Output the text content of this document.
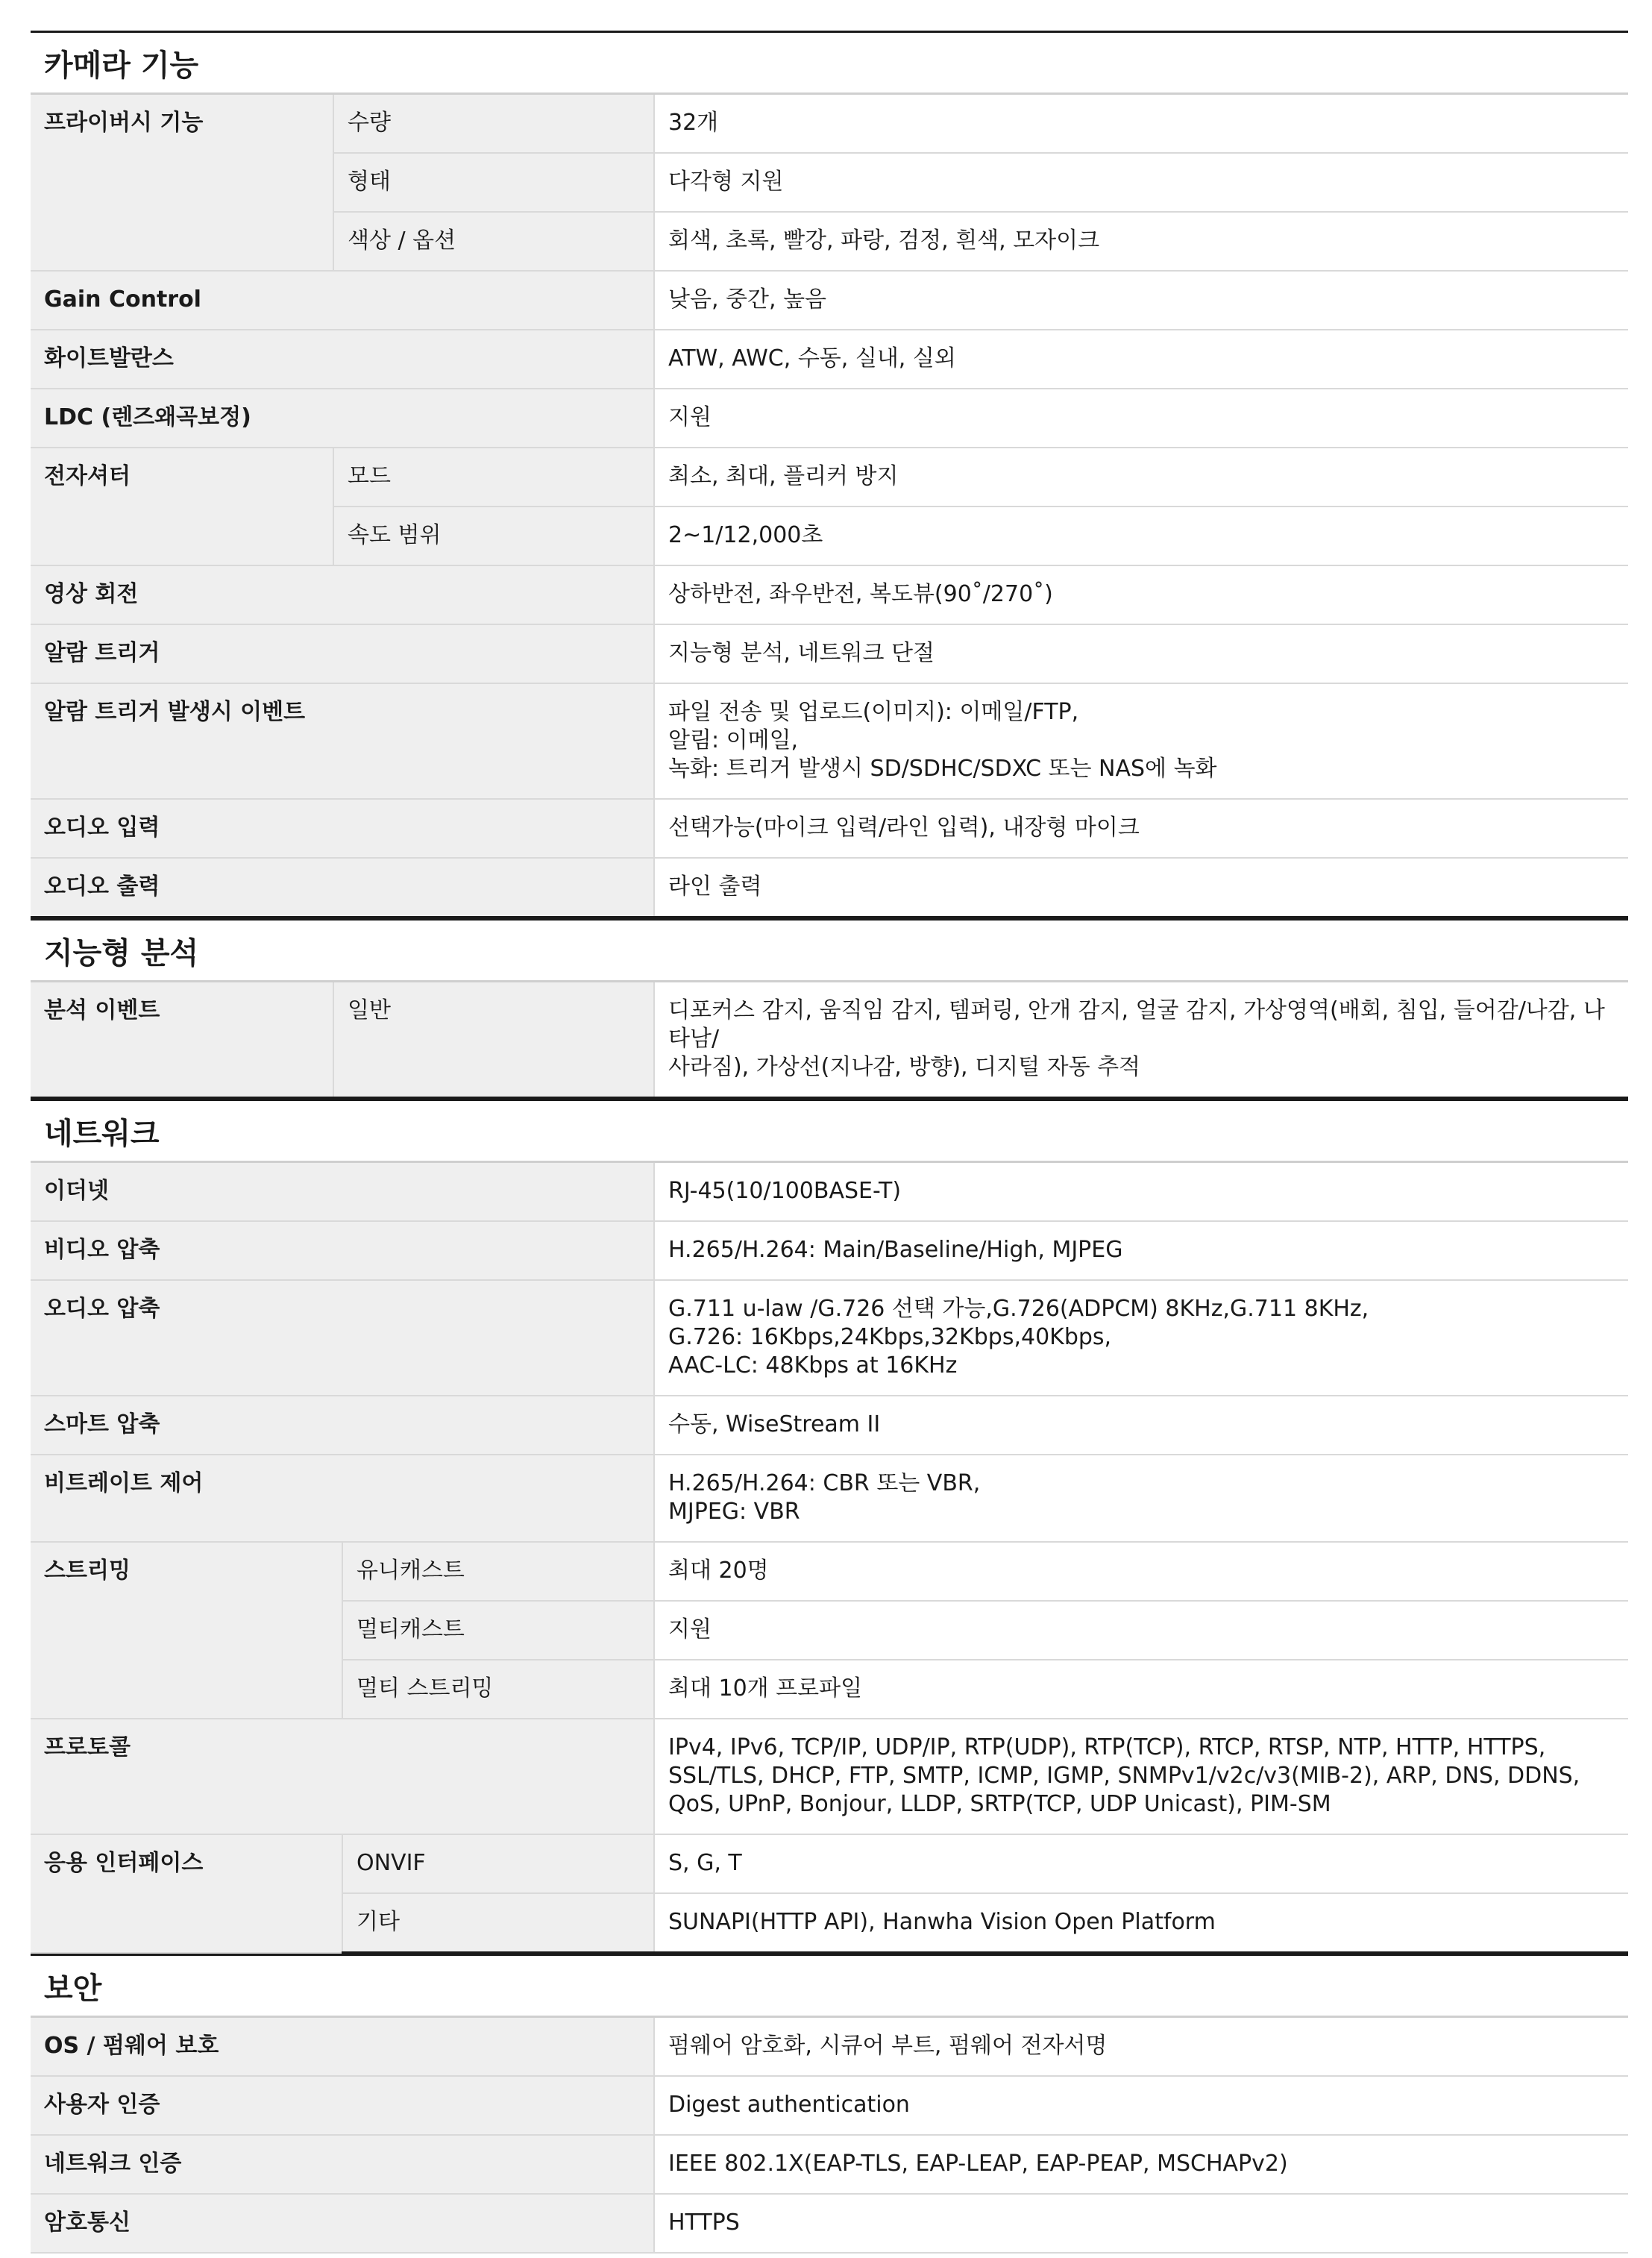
카메라 기능
프라이버시 기능	수량	32개
	형태	다각형 지원
	색상 / 옵션	회색, 초록, 빨강, 파랑, 검정, 흰색, 모자이크
Gain Control		낮음, 중간, 높음
화이트발란스		ATW, AWC, 수동, 실내, 실외
LDC (렌즈왜곡보정)		지원
전자셔터	모드	최소, 최대, 플리커 방지
	속도 범위	2~1/12,000초
영상 회전		상하반전, 좌우반전, 복도뷰(90˚/270˚)
알람 트리거		지능형 분석, 네트워크 단절
알람 트리거 발생시 이벤트		파일 전송 및 업로드(이미지): 이메일/FTP,
알림: 이메일,
녹화: 트리거 발생시 SD/SDHC/SDXC 또는 NAS에 녹화
오디오 입력		선택가능(마이크 입력/라인 입력), 내장형 마이크
오디오 출력		라인 출력
지능형 분석
분석 이벤트	일반	디포커스 감지, 움직임 감지, 템퍼링, 안개 감지, 얼굴 감지, 가상영역(배회, 침입, 들어감/나감, 나타남/
사라짐), 가상선(지나감, 방향), 디지털 자동 추적
네트워크
이더넷		RJ-45(10/100BASE-T)
비디오 압축		H.265/H.264: Main/Baseline/High, MJPEG
오디오 압축		G.711 u-law /G.726 선택 가능,G.726(ADPCM) 8KHz,G.711 8KHz,
G.726: 16Kbps,24Kbps,32Kbps,40Kbps,
AAC-LC: 48Kbps at 16KHz
스마트 압축		수동, WiseStream II
비트레이트 제어		H.265/H.264: CBR 또는 VBR,
MJPEG: VBR
스트리밍	유니캐스트	최대 20명
	멀티캐스트	지원
	멀티 스트리밍	최대 10개 프로파일
프로토콜		IPv4, IPv6, TCP/IP, UDP/IP, RTP(UDP), RTP(TCP), RTCP, RTSP, NTP, HTTP, HTTPS,
SSL/TLS, DHCP, FTP, SMTP, ICMP, IGMP, SNMPv1/v2c/v3(MIB-2), ARP, DNS, DDNS,
QoS, UPnP, Bonjour, LLDP, SRTP(TCP, UDP Unicast), PIM-SM
응용 인터페이스	ONVIF	S, G, T
	기타	SUNAPI(HTTP API), Hanwha Vision Open Platform
보안
OS / 펌웨어 보호	펌웨어 암호화, 시큐어 부트, 펌웨어 전자서명
사용자 인증	Digest authentication
네트워크 인증	IEEE 802.1X(EAP-TLS, EAP-LEAP, EAP-PEAP, MSCHAPv2)
암호통신	HTTPS
